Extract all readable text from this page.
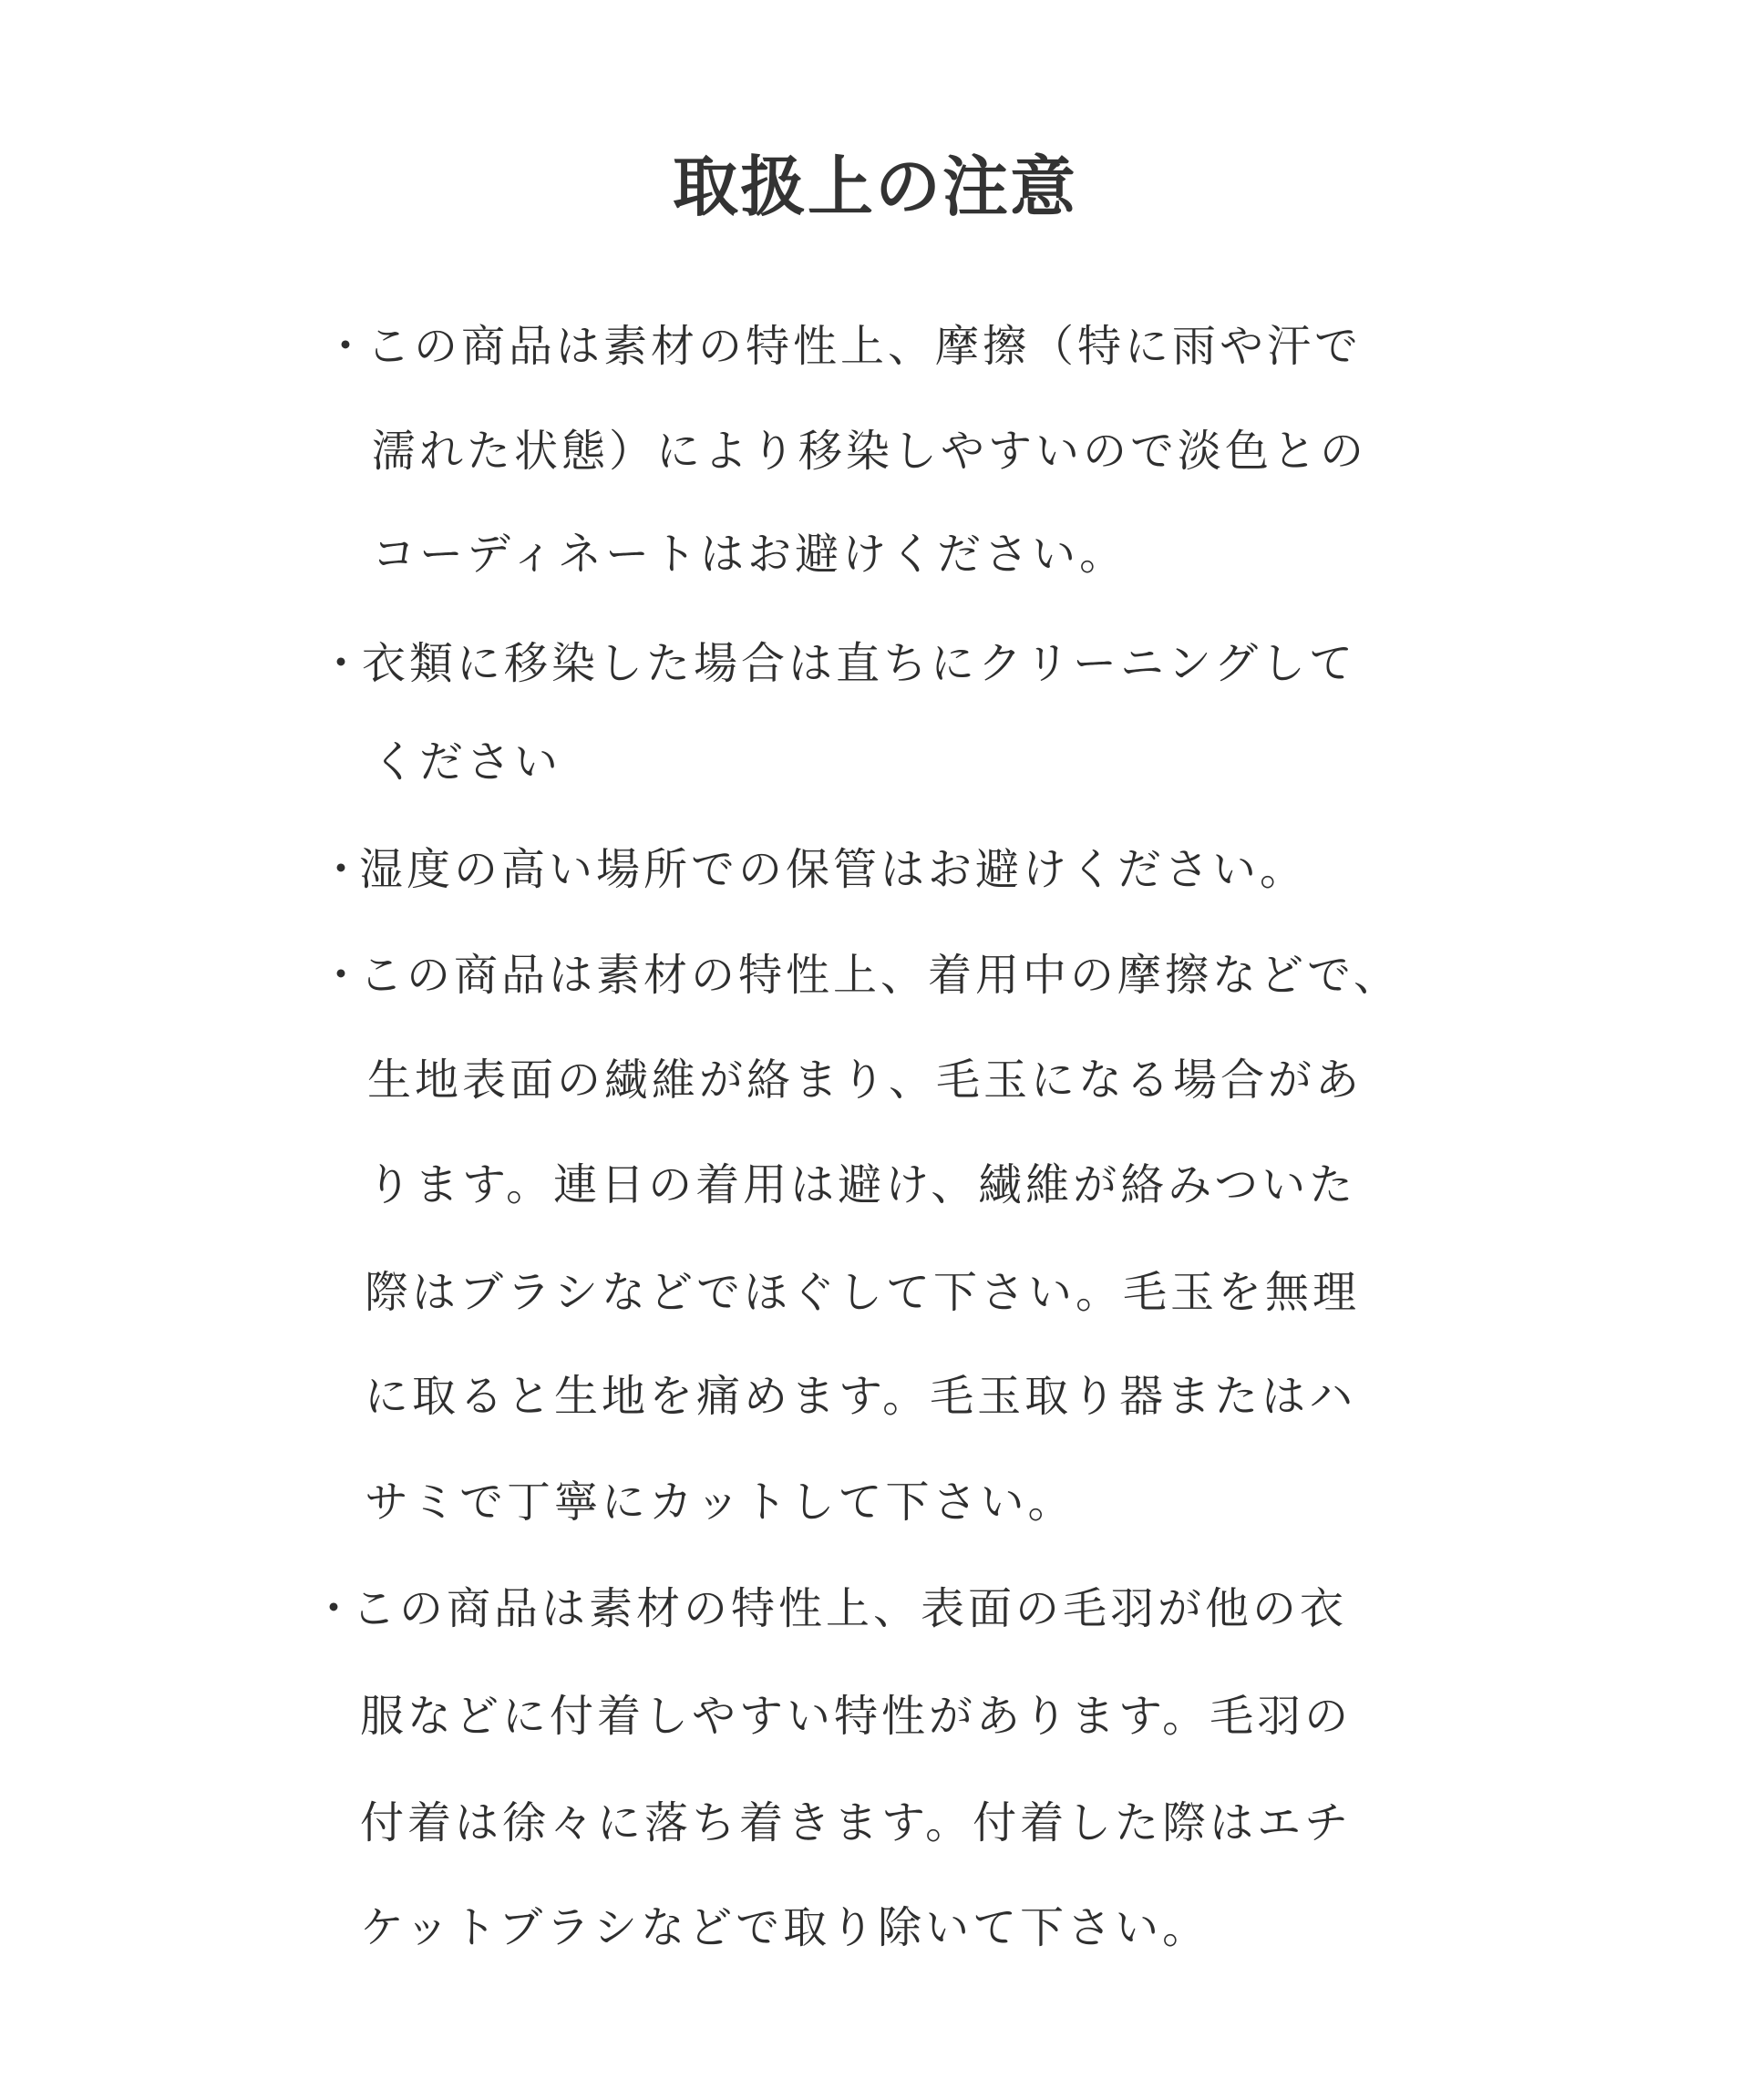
取扱上の注意
・
この商品は素材の特性上、摩擦（特に雨や汗で
濡れた状態）により移染しやすいので淡色との
コーディネートはお避けください。
・
衣類に移染した場合は直ちにクリーニングして
ください
・
湿度の高い場所での保管はお避けください。
・
この商品は素材の特性上、着用中の摩擦などで、
生地表面の繊維が絡まり、毛玉になる場合があ
ります。連日の着用は避け、繊維が絡みついた
際はブラシなどでほぐして下さい。毛玉を無理
に取ると生地を痛めます。毛玉取り器またはハ
サミで丁寧にカットして下さい。
・
この商品は素材の特性上、表面の毛羽が他の衣
服などに付着しやすい特性があります。毛羽の
付着は徐々に落ち着きます。付着した際はエチ
ケットブラシなどで取り除いて下さい。
